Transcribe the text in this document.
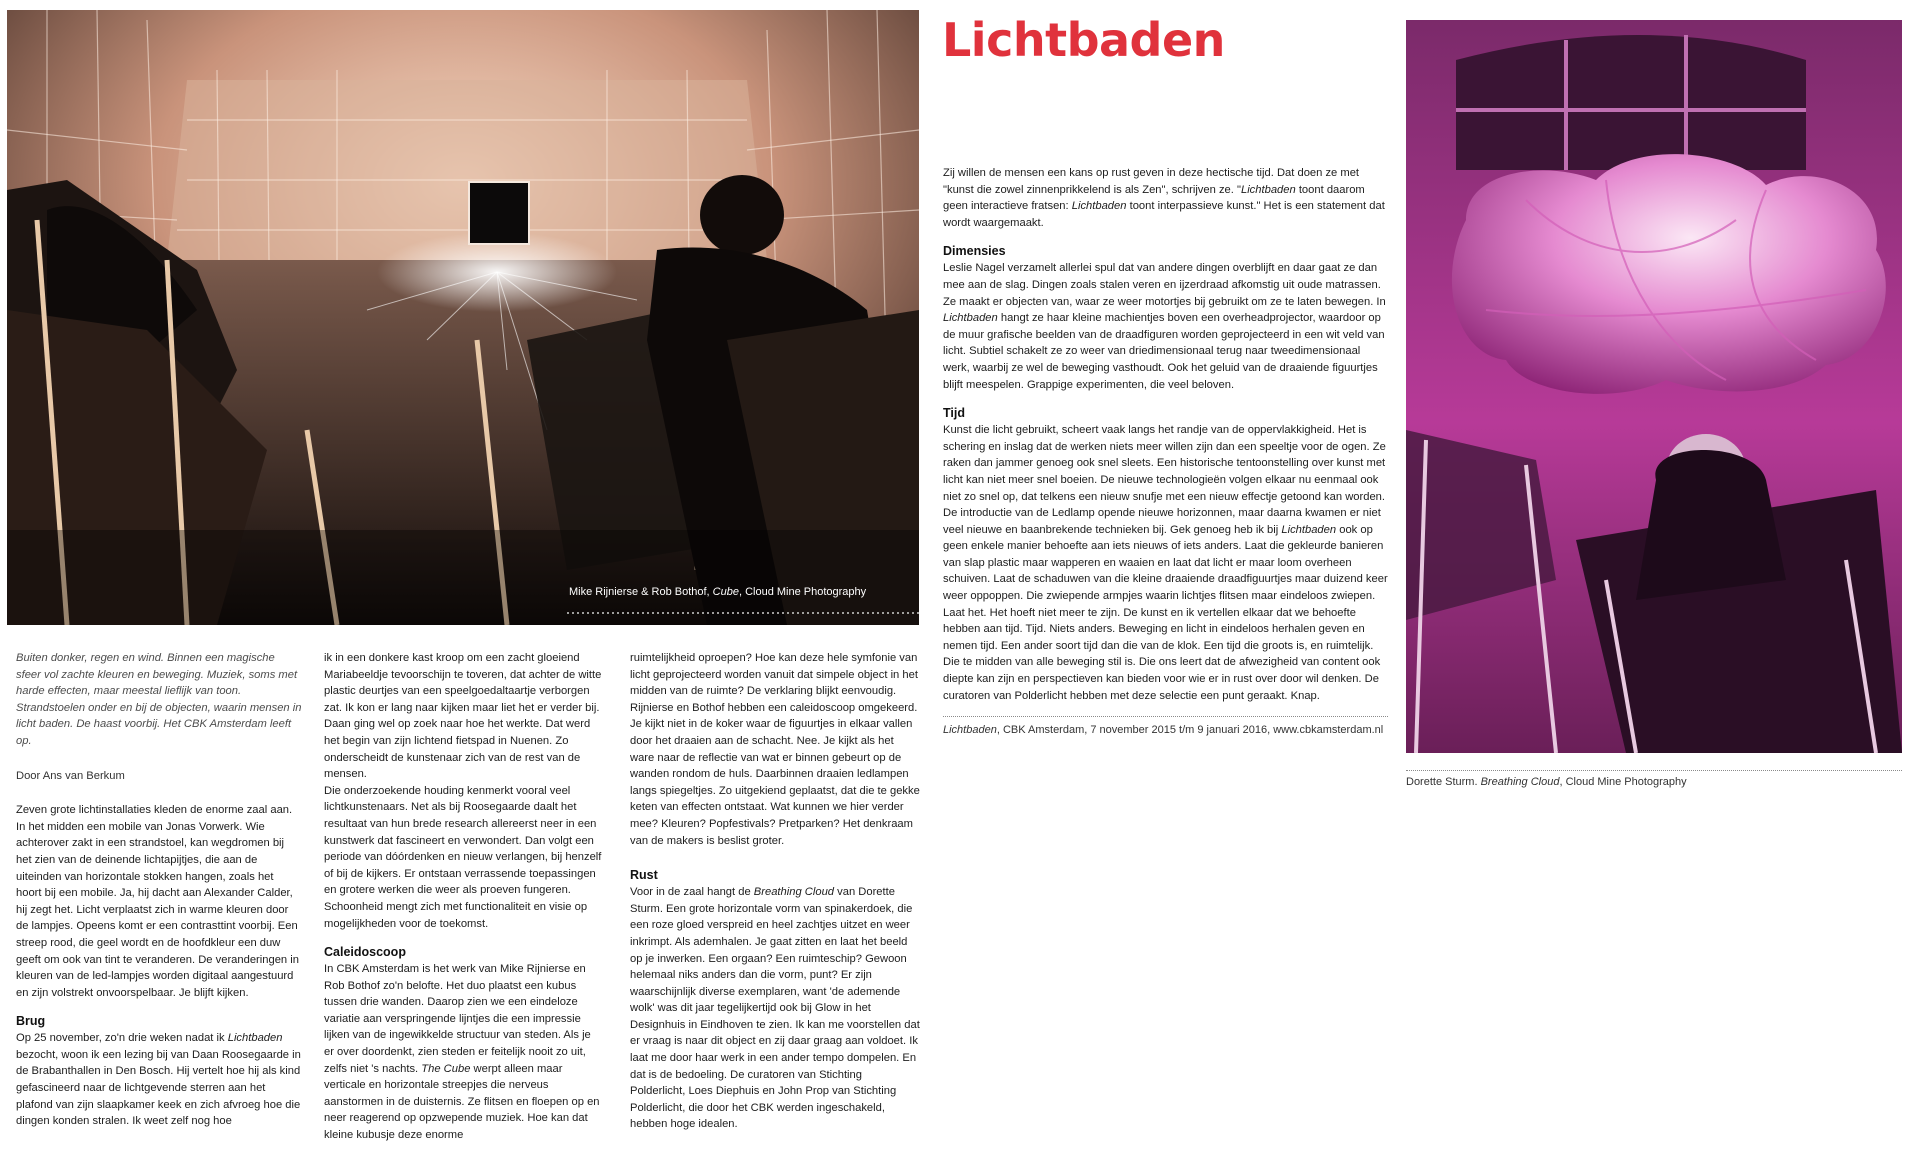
Mike Rijnierse & Rob Bothof, Cube, Cloud Mine Photography
Lichtbaden
Dorette Sturm. Breathing Cloud, Cloud Mine Photography

Buiten donker, regen en wind. Binnen een magische sfeer vol zachte kleuren en beweging. Muziek, soms met harde effecten, maar meestal lieflijk van toon. Strandstoelen onder en bij de objecten, waarin mensen in licht baden. De haast voorbij. Het CBK Amsterdam leeft op.

Door Ans van Berkum

Zeven grote lichtinstallaties kleden de enorme zaal aan. In het midden een mobile van Jonas Vorwerk. Wie achterover zakt in een strandstoel, kan wegdromen bij het zien van de deinende lichtapijtjes, die aan de uiteinden van horizontale stokken hangen, zoals het hoort bij een mobile. Ja, hij dacht aan Alexander Calder, hij zegt het. Licht verplaatst zich in warme kleuren door de lampjes. Opeens komt er een contrasttint voorbij. Een streep rood, die geel wordt en de hoofdkleur een duw geeft om ook van tint te veranderen. De veranderingen in kleuren van de led-lampjes worden digitaal aangestuurd en zijn volstrekt onvoorspelbaar. Je blijft kijken.

Brug

Op 25 november, zo'n drie weken nadat ik Lichtbaden bezocht, woon ik een lezing bij van Daan Roosegaarde in de Brabanthallen in Den Bosch. Hij vertelt hoe hij als kind gefascineerd naar de lichtgevende sterren aan het plafond van zijn slaapkamer keek en zich afvroeg hoe die dingen konden stralen. Ik weet zelf nog hoe

ik in een donkere kast kroop om een zacht gloeiend Mariabeeldje tevoorschijn te toveren, dat achter de witte plastic deurtjes van een speelgoedaltaartje verborgen zat. Ik kon er lang naar kijken maar liet het er verder bij. Daan ging wel op zoek naar hoe het werkte. Dat werd het begin van zijn lichtend fietspad in Nuenen. Zo onderscheidt de kunstenaar zich van de rest van de mensen.

Die onderzoekende houding kenmerkt vooral veel lichtkunstenaars. Net als bij Roosegaarde daalt het resultaat van hun brede research allereerst neer in een kunstwerk dat fascineert en verwondert. Dan volgt een periode van dóórdenken en nieuw verlangen, bij henzelf of bij de kijkers. Er ontstaan verrassende toepassingen en grotere werken die weer als proeven fungeren. Schoonheid mengt zich met functionaliteit en visie op mogelijkheden voor de toekomst.

Caleidoscoop

In CBK Amsterdam is het werk van Mike Rijnierse en Rob Bothof zo'n belofte. Het duo plaatst een kubus tussen drie wanden. Daarop zien we een eindeloze variatie aan verspringende lijntjes die een impressie lijken van de ingewikkelde structuur van steden. Als je er over doordenkt, zien steden er feitelijk nooit zo uit, zelfs niet 's nachts. The Cube werpt alleen maar verticale en horizontale streepjes die nerveus aanstormen in de duisternis. Ze flitsen en floepen op en neer reagerend op opzwepende muziek. Hoe kan dat kleine kubusje deze enorme

ruimtelijkheid oproepen? Hoe kan deze hele symfonie van licht geprojecteerd worden vanuit dat simpele object in het midden van de ruimte? De verklaring blijkt eenvoudig. Rijnierse en Bothof hebben een caleidoscoop omgekeerd. Je kijkt niet in de koker waar de figuurtjes in elkaar vallen door het draaien aan de schacht. Nee. Je kijkt als het ware naar de reflectie van wat er binnen gebeurt op de wanden rondom de huls. Daarbinnen draaien ledlampen langs spiegeltjes. Zo uitgekiend geplaatst, dat die te gekke keten van effecten ontstaat. Wat kunnen we hier verder mee? Kleuren? Popfestivals? Pretparken? Het denkraam van de makers is beslist groter.

Rust

Voor in de zaal hangt de Breathing Cloud van Dorette Sturm. Een grote horizontale vorm van spinakerdoek, die een roze gloed verspreid en heel zachtjes uitzet en weer inkrimpt. Als ademhalen. Je gaat zitten en laat het beeld op je inwerken. Een orgaan? Een ruimteschip? Gewoon helemaal niks anders dan die vorm, punt? Er zijn waarschijnlijk diverse exemplaren, want 'de ademende wolk' was dit jaar tegelijkertijd ook bij Glow in het Designhuis in Eindhoven te zien. Ik kan me voorstellen dat er vraag is naar dit object en zij daar graag aan voldoet. Ik laat me door haar werk in een ander tempo dompelen. En dat is de bedoeling. De curatoren van Stichting Polderlicht, Loes Diephuis en John Prop van Stichting Polderlicht, die door het CBK werden ingeschakeld, hebben hoge idealen.

Zij willen de mensen een kans op rust geven in deze hectische tijd. Dat doen ze met "kunst die zowel zinnenprikkelend is als Zen", schrijven ze. "Lichtbaden toont daarom geen interactieve fratsen: Lichtbaden toont interpassieve kunst." Het is een statement dat wordt waargemaakt.

Dimensies

Leslie Nagel verzamelt allerlei spul dat van andere dingen overblijft en daar gaat ze dan mee aan de slag. Dingen zoals stalen veren en ijzerdraad afkomstig uit oude matrassen. Ze maakt er objecten van, waar ze weer motortjes bij gebruikt om ze te laten bewegen. In Lichtbaden hangt ze haar kleine machientjes boven een overheadprojector, waardoor op de muur grafische beelden van de draadfiguren worden geprojecteerd in een wit veld van licht. Subtiel schakelt ze zo weer van driedimensionaal terug naar tweedimensionaal werk, waarbij ze wel de beweging vasthoudt. Ook het geluid van de draaiende figuurtjes blijft meespelen. Grappige experimenten, die veel beloven.

Tijd

Kunst die licht gebruikt, scheert vaak langs het randje van de oppervlakkigheid. Het is schering en inslag dat de werken niets meer willen zijn dan een speeltje voor de ogen. Ze raken dan jammer genoeg ook snel sleets. Een historische tentoonstelling over kunst met licht kan niet meer snel boeien. De nieuwe technologieën volgen elkaar nu eenmaal ook niet zo snel op, dat telkens een nieuw snufje met een nieuw effectje getoond kan worden. De introductie van de Ledlamp opende nieuwe horizonnen, maar daarna kwamen er niet veel nieuwe en baanbrekende technieken bij. Gek genoeg heb ik bij Lichtbaden ook op geen enkele manier behoefte aan iets nieuws of iets anders. Laat die gekleurde banieren van slap plastic maar wapperen en waaien en laat dat licht er maar loom overheen schuiven. Laat de schaduwen van die kleine draaiende draadfiguurtjes maar duizend keer weer oppoppen. Die zwiepende armpjes waarin lichtjes flitsen maar eindeloos zwiepen. Laat het. Het hoeft niet meer te zijn. De kunst en ik vertellen elkaar dat we behoefte hebben aan tijd. Tijd. Niets anders. Beweging en licht in eindeloos herhalen geven en nemen tijd. Een ander soort tijd dan die van de klok. Een tijd die groots is, en ruimtelijk. Die te midden van alle beweging stil is. Die ons leert dat de afwezigheid van content ook diepte kan zijn en perspectieven kan bieden voor wie er in rust over door wil denken. De curatoren van Polderlicht hebben met deze selectie een punt geraakt. Knap.

Lichtbaden, CBK Amsterdam, 7 november 2015 t/m 9 januari 2016, www.cbkamsterdam.nl
